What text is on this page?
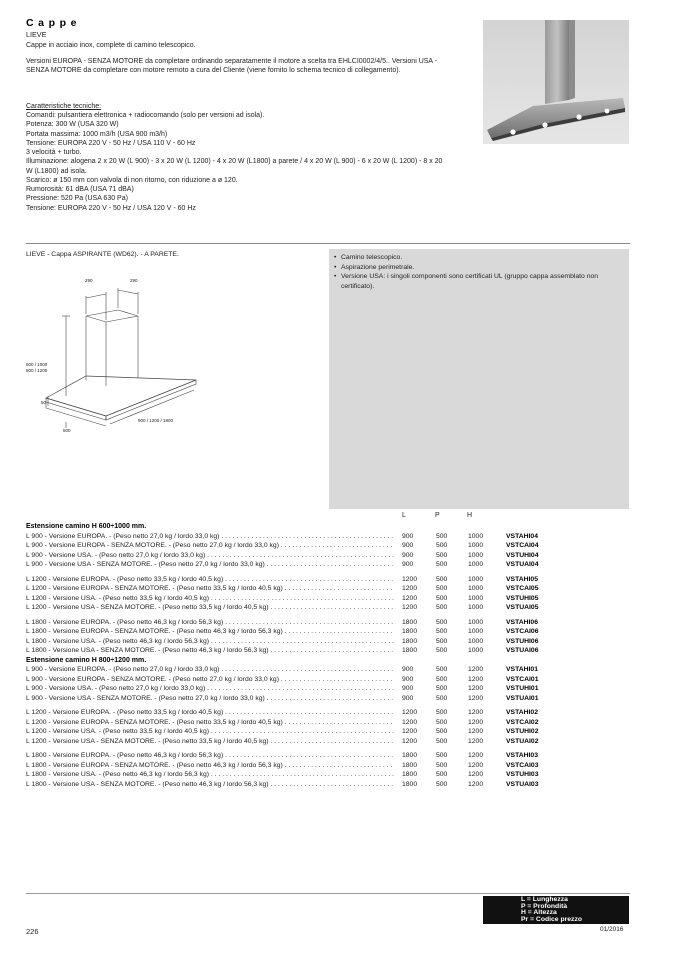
Cappe
LIEVE

Cappe in acciaio inox, complete di camino telescopico.

Versioni EUROPA - SENZA MOTORE da completare ordinando separatamente il motore a scelta tra EHLCI0002/4/5.. Versioni USA - SENZA MOTORE da completare con motore remoto a cura del Cliente (viene fornito lo schema tecnico di collegamento).

Caratteristiche tecniche:
Comandi: pulsantiera elettronica + radiocomando (solo per versioni ad isola).
Potenza: 300 W (USA 320 W)
Portata massima: 1000 m3/h (USA 900 m3/h)
Tensione: EUROPA 220 V - 50 Hz / USA 110 V - 60 Hz
3 velocità + turbo.
Illuminazione: alogena 2 x 20 W (L 900) - 3 x 20 W (L 1200) - 4 x 20 W (L1800) a parete / 4 x 20 W (L 900) - 6 x 20 W (L 1200) - 8 x 20 W (L1800) ad isola.
Scarico: ø 150 mm con valvola di non ritorno, con riduzione a ø 120.
Rumorosità: 61 dBA (USA 71 dBA)
Pressione: 520 Pa (USA 630 Pa)
Tensione: EUROPA 220 V - 50 Hz / USA 120 V - 60 Hz
LIEVE - Cappa ASPIRANTE (WD62). - A PARETE.
290	290
600 / 1000
800 / 1200
50
500
900 / 1200 / 1800
• Camino telescopico.
• Aspirazione perimetrale.
• Versione USA: i singoli componenti sono certificati UL (gruppo cappa assemblato non certificato).
L	P	H
Estensione camino H 600÷1000 mm.
L 900 - Versione EUROPA. - (Peso netto 27,0 kg / lordo 33,0 kg) . . .	900	500	1000	VSTAHI04
L 900 - Versione EUROPA - SENZA MOTORE. - (Peso netto 27,0 kg / lordo 33,0 kg) . . .	900	500	1000	VSTCAI04
L 900 - Versione USA. - (Peso netto 27,0 kg / lordo 33,0 kg) . . .	900	500	1000	VSTUHI04
L 900 - Versione USA - SENZA MOTORE. - (Peso netto 27,0 kg / lordo 33,0 kg) . . .	900	500	1000	VSTUAI04
L 1200 - Versione EUROPA. - (Peso netto 33,5 kg / lordo 40,5 kg) . . .	1200	500	1000	VSTAHI05
L 1200 - Versione EUROPA - SENZA MOTORE. - (Peso netto 33,5 kg / lordo 40,5 kg) . . .	1200	500	1000	VSTCAI05
L 1200 - Versione USA. - (Peso netto 33,5 kg / lordo 40,5 kg) . . .	1200	500	1000	VSTUHI05
L 1200 - Versione USA - SENZA MOTORE. - (Peso netto 33,5 kg / lordo 40,5 kg) . . .	1200	500	1000	VSTUAI05
L 1800 - Versione EUROPA. - (Peso netto 46,3 kg / lordo 56,3 kg) . . .	1800	500	1000	VSTAHI06
L 1800 - Versione EUROPA - SENZA MOTORE. - (Peso netto 46,3 kg / lordo 56,3 kg) . . .	1800	500	1000	VSTCAI06
L 1800 - Versione USA. - (Peso netto 46,3 kg / lordo 56,3 kg) . . .	1800	500	1000	VSTUHI06
L 1800 - Versione USA - SENZA MOTORE. - (Peso netto 46,3 kg / lordo 56,3 kg) . . .	1800	500	1000	VSTUAI06
Estensione camino H 800÷1200 mm.
L 900 - Versione EUROPA. - (Peso netto 27,0 kg / lordo 33,0 kg) . . .	900	500	1200	VSTAHI01
L 900 - Versione EUROPA - SENZA MOTORE. - (Peso netto 27,0 kg / lordo 33,0 kg) . . .	900	500	1200	VSTCAI01
L 900 - Versione USA. - (Peso netto 27,0 kg / lordo 33,0 kg) . . .	900	500	1200	VSTUHI01
L 900 - Versione USA - SENZA MOTORE. - (Peso netto 27,0 kg / lordo 33,0 kg) . . .	900	500	1200	VSTUAI01
L 1200 - Versione EUROPA. - (Peso netto 33,5 kg / lordo 40,5 kg) . . .	1200	500	1200	VSTAHI02
L 1200 - Versione EUROPA - SENZA MOTORE. - (Peso netto 33,5 kg / lordo 40,5 kg) . . .	1200	500	1200	VSTCAI02
L 1200 - Versione USA. - (Peso netto 33,5 kg / lordo 40,5 kg) . . .	1200	500	1200	VSTUHI02
L 1200 - Versione USA - SENZA MOTORE. - (Peso netto 33,5 kg / lordo 40,5 kg) . . .	1200	500	1200	VSTUAI02
L 1800 - Versione EUROPA. - (Peso netto 46,3 kg / lordo 56,3 kg) . . .	1800	500	1200	VSTAHI03
L 1800 - Versione EUROPA - SENZA MOTORE. - (Peso netto 46,3 kg / lordo 56,3 kg) . . .	1800	500	1200	VSTCAI03
L 1800 - Versione USA. - (Peso netto 46,3 kg / lordo 56,3 kg) . . .	1800	500	1200	VSTUHI03
L 1800 - Versione USA - SENZA MOTORE. - (Peso netto 46,3 kg / lordo 56,3 kg) . . .	1800	500	1200	VSTUAI03
L = Lunghezza
P = Profondità
H = Altezza
Pr = Codice prezzo
226	01/2016
